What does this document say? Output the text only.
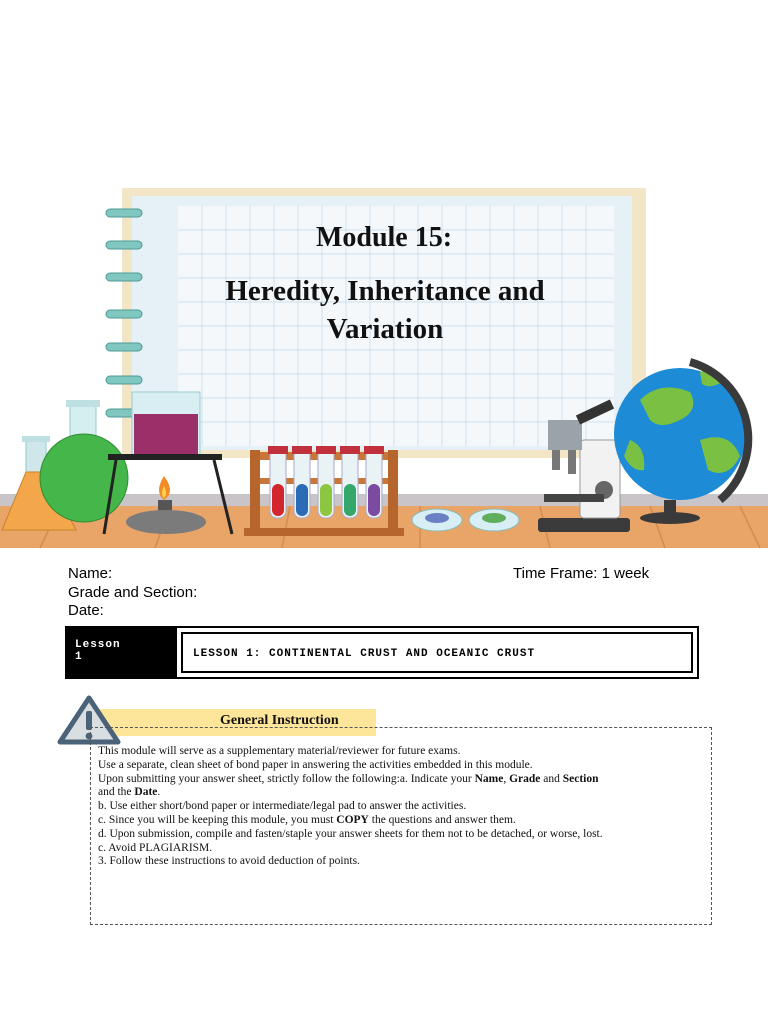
Module 15:
Heredity, Inheritance and Variation
Name:
Grade and Section:
Date:
Time Frame: 1 week
Lesson
1	LESSON 1: CONTINENTAL CRUST AND OCEANIC CRUST
General Instruction
This module will serve as a supplementary material/reviewer for future exams.
Use a separate, clean sheet of bond paper in answering the activities embedded in this module.
Upon submitting your answer sheet, strictly follow the following:a. Indicate your Name, Grade and Section
and the Date.
b. Use either short/bond paper or intermediate/legal pad to answer the activities.
c. Since you will be keeping this module, you must COPY the questions and answer them.
d. Upon submission, compile and fasten/staple your answer sheets for them not to be detached, or worse, lost.
c. Avoid PLAGIARISM.
3. Follow these instructions to avoid deduction of points.
